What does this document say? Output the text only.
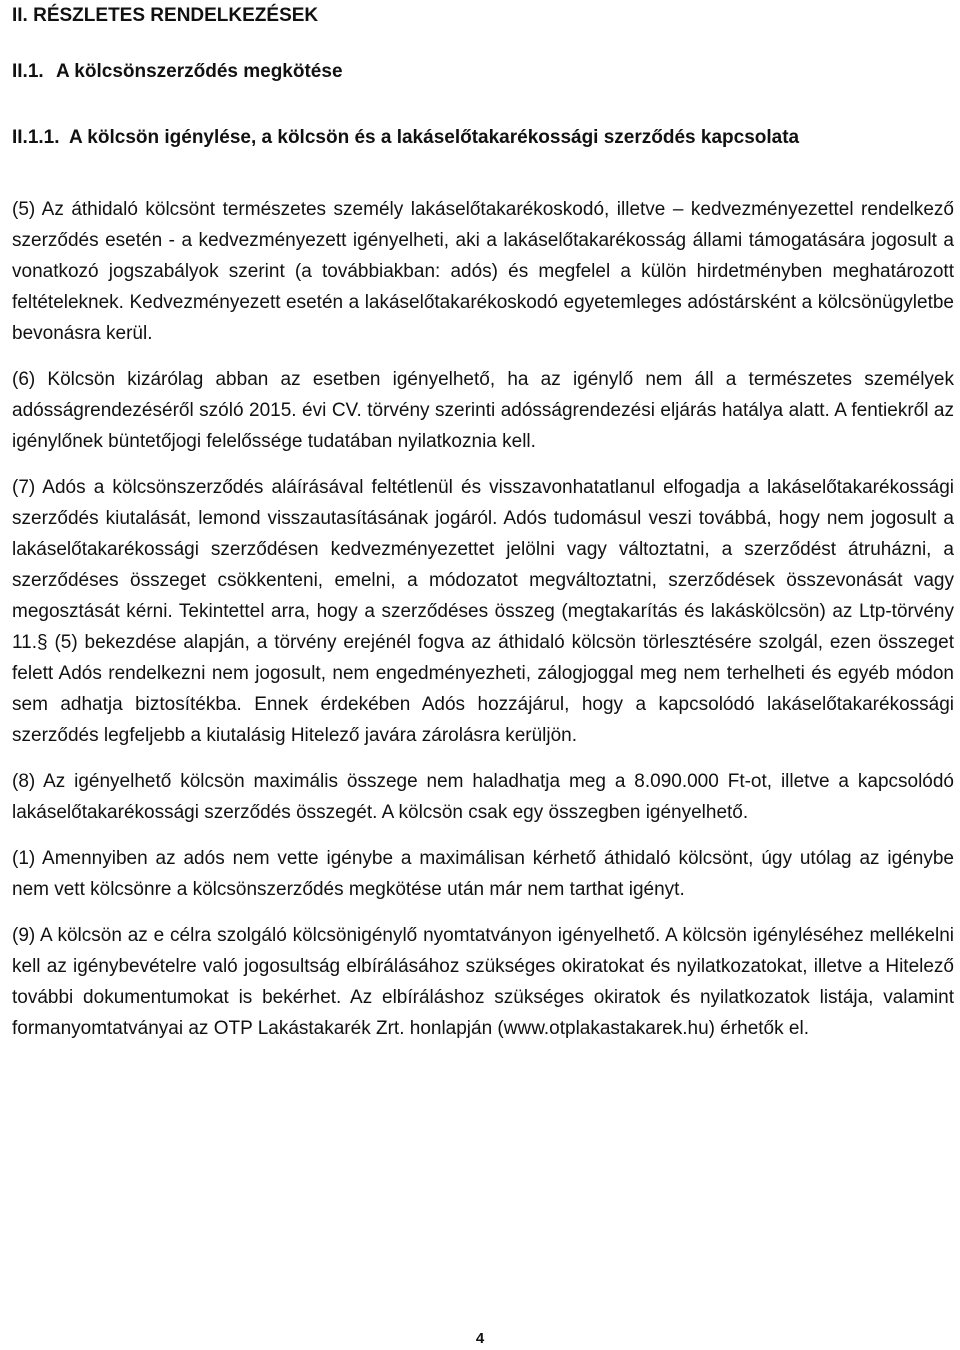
II. RÉSZLETES RENDELKEZÉSEK
II.1. A kölcsönszerződés megkötése
II.1.1. A kölcsön igénylése, a kölcsön és a lakáselőtakarékossági szerződés kapcsolata

(5) Az áthidaló kölcsönt természetes személy lakáselőtakarékoskodó, illetve – kedvezményezettel rendelkező szerződés esetén - a kedvezményezett igényelheti, aki a lakáselőtakarékosság állami támogatására jogosult a vonatkozó jogszabályok szerint (a továbbiakban: adós) és megfelel a külön hirdetményben meghatározott feltételeknek. Kedvezményezett esetén a lakáselőtakarékoskodó egyetemleges adóstársként a kölcsönügyletbe bevonásra kerül.

(6) Kölcsön kizárólag abban az esetben igényelhető, ha az igénylő nem áll a természetes személyek adósságrendezéséről szóló 2015. évi CV. törvény szerinti adósságrendezési eljárás hatálya alatt. A fentiekről az igénylőnek büntetőjogi felelőssége tudatában nyilatkoznia kell.

(7) Adós a kölcsönszerződés aláírásával feltétlenül és visszavonhatatlanul elfogadja a lakáselőtakarékossági szerződés kiutalását, lemond visszautasításának jogáról. Adós tudomásul veszi továbbá, hogy nem jogosult a lakáselőtakarékossági szerződésen kedvezményezettet jelölni vagy változtatni, a szerződést átruházni, a szerződéses összeget csökkenteni, emelni, a módozatot megváltoztatni, szerződések összevonását vagy megosztását kérni. Tekintettel arra, hogy a szerződéses összeg (megtakarítás és lakáskölcsön) az Ltp-törvény 11.§ (5) bekezdése alapján, a törvény erejénél fogva az áthidaló kölcsön törlesztésére szolgál, ezen összeget felett Adós rendelkezni nem jogosult, nem engedményezheti, zálogjoggal meg nem terhelheti és egyéb módon sem adhatja biztosítékba. Ennek érdekében Adós hozzájárul, hogy a kapcsolódó lakáselőtakarékossági szerződés legfeljebb a kiutalásig Hitelező javára zárolásra kerüljön.

(8) Az igényelhető kölcsön maximális összege nem haladhatja meg a 8.090.000 Ft-ot, illetve a kapcsolódó lakáselőtakarékossági szerződés összegét. A kölcsön csak egy összegben igényelhető.

(1) Amennyiben az adós nem vette igénybe a maximálisan kérhető áthidaló kölcsönt, úgy utólag az igénybe nem vett kölcsönre a kölcsönszerződés megkötése után már nem tarthat igényt.

(9) A kölcsön az e célra szolgáló kölcsönigénylő nyomtatványon igényelhető. A kölcsön igényléséhez mellékelni kell az igénybevételre való jogosultság elbírálásához szükséges okiratokat és nyilatkozatokat, illetve a Hitelező további dokumentumokat is bekérhet. Az elbíráláshoz szükséges okiratok és nyilatkozatok listája, valamint formanyomtatványai az OTP Lakástakarék Zrt. honlapján (www.otplakastakarek.hu) érhetők el.

4
